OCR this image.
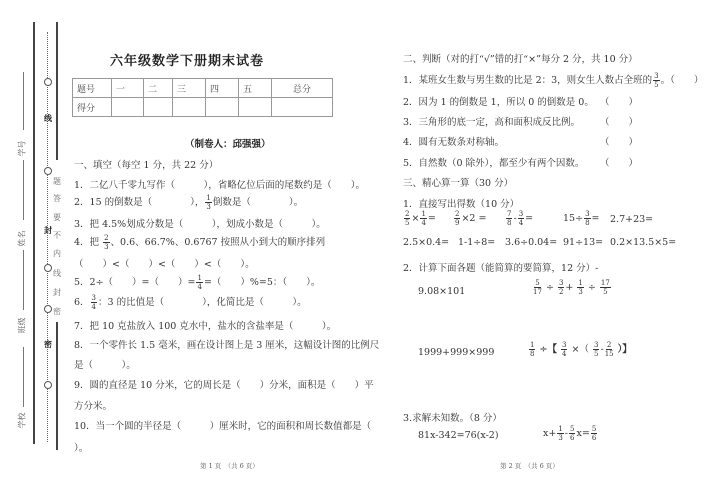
线
封
密
题
答
要
不
内
线
封
密
学号
姓名
班级
学校
六年级数学下册期末试卷
题号	一	二	三	四	五	总分
得分						
（制卷人：邱强强）
一、填空（每空 1 分，共 22 分）
1．二亿八千零九写作（　　　），省略亿位后面的尾数约是（　　）。
2．15 的倒数是（　　　　）， $\frac{1}{3}$ 倒数是（　　　　）。
3．把 4.5%划成分数是（　　　），划成小数是（　　　）。
4．把 $\frac{2}{3}$ 、0.6、66.7%、0.6767 按照从小到大的顺序排列
（　　）<（　　）<（　　）<（　　）。
5．2÷（　　）=（　　）= $\frac{1}{4}$ =（　　）%=5：（　　）。
6． $\frac{3}{4}$ ：3 的比值是（　　　　），化简比是（　　　）。
7．把 10 克盐放入 100 克水中，盐水的含盐率是（　　　）。
8．一个零件长 1.5 毫米，画在设计图上是 3 厘米，这幅设计图的比例尺
是（　　　）。
9．圆的直径是 10 分米，它的周长是（　　）分米，面积是（　　）平
方分米。
10．当一个圆的半径是（　　　）厘米时，它的面积和周长数值都是（
）。
第 1 页　（共 6 页）
二、判断（对的打“√”错的打“×”每分 2 分，共 10 分）
1．某班女生数与男生数的比是 2：3，则女生人数占全班的 $\frac{3}{5}$ 。（　　）
2．因为 1 的倒数是 1，所以 0 的倒数是 0。 （　　）
3．三角形的底一定，高和面积成反比例。 （　　）
4．圆有无数条对称轴。	（　　）
5．自然数（0 除外），都至少有两个因数。 （　　）
三、精心算一算（30 分）
1．直接写出得数（10 分）
$\frac{2}{5} \times \frac{1}{4}$ =	$\frac{2}{9} \times 2$ =	$\frac{7}{8} - \frac{3}{4}$ =	$15\div \frac{3}{8} = 2.7+23=$
2.5×0.4= 1-1÷8= 3.6÷0.04= 91÷13= 0.2×13.5×5=
2．计算下面各题（能简算的要简算，12 分）-
9.08×101	$\frac{5}{17} \div \frac{3}{2} + \frac{1}{3} \div \frac{17}{5}$
1999+999×999	$\frac{1}{8}$ ÷【 $\frac{3}{4}$ ×（ $\frac{3}{5} - \frac{2}{15}$ ）】
3.求解未知数。（8 分）
81x-342=76(x-2)	$x+ \frac{1}{3} - \frac{5}{6} x= \frac{5}{6}$
第 2 页　（共 6 页）
